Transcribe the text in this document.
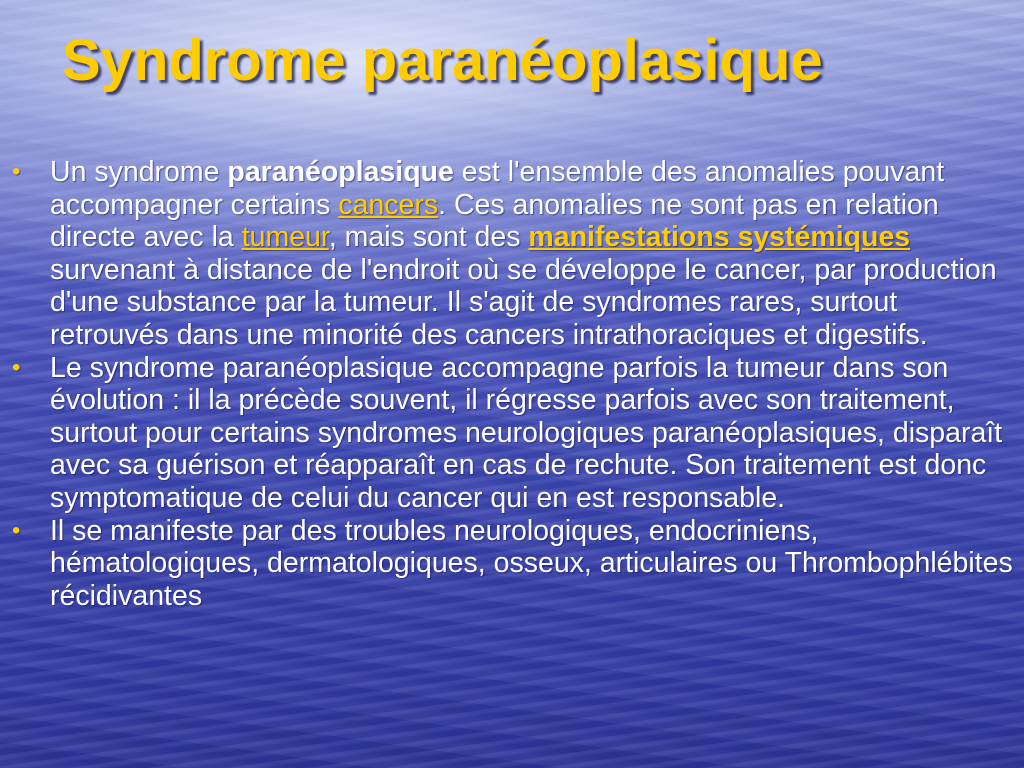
Syndrome paranéoplasique
• Un syndrome paranéoplasique est l'ensemble des anomalies pouvant accompagner certains cancers. Ces anomalies ne sont pas en relation directe avec la tumeur, mais sont des manifestations systémiques survenant à distance de l'endroit où se développe le cancer, par production d'une substance par la tumeur. Il s'agit de syndromes rares, surtout retrouvés dans une minorité des cancers intrathoraciques et digestifs.
• Le syndrome paranéoplasique accompagne parfois la tumeur dans son évolution : il la précède souvent, il régresse parfois avec son traitement, surtout pour certains syndromes neurologiques paranéoplasiques, disparaît avec sa guérison et réapparaît en cas de rechute. Son traitement est donc symptomatique de celui du cancer qui en est responsable.
• Il se manifeste par des troubles neurologiques, endocriniens, hématologiques, dermatologiques, osseux, articulaires ou Thrombophlébites récidivantes
